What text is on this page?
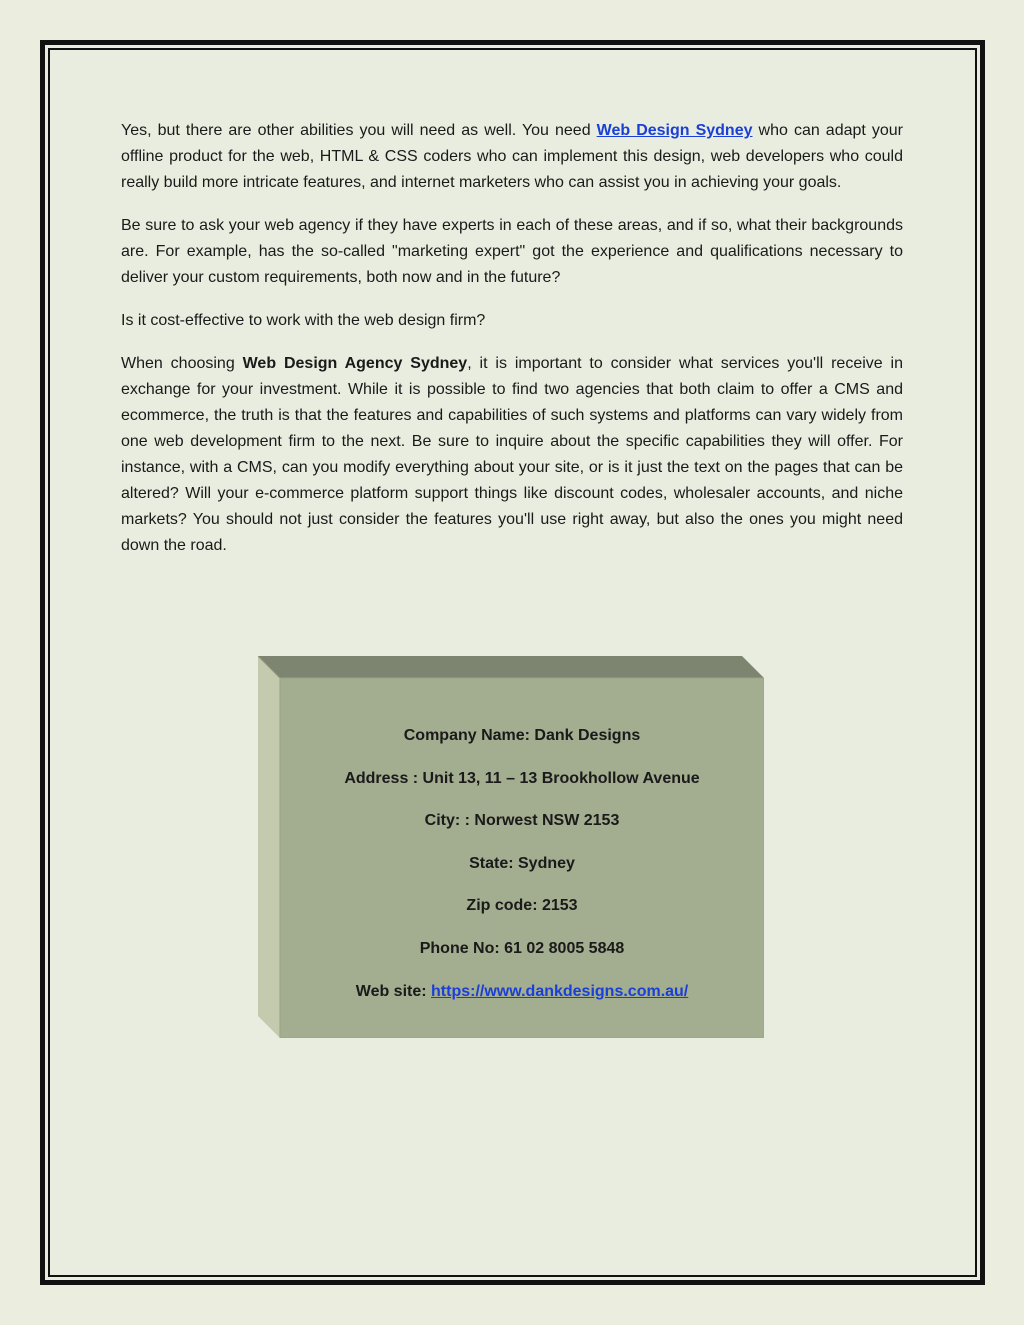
Yes, but there are other abilities you will need as well. You need Web Design Sydney who can adapt your offline product for the web, HTML & CSS coders who can implement this design, web developers who could really build more intricate features, and internet marketers who can assist you in achieving your goals.

Be sure to ask your web agency if they have experts in each of these areas, and if so, what their backgrounds are. For example, has the so-called "marketing expert" got the experience and qualifications necessary to deliver your custom requirements, both now and in the future?

Is it cost-effective to work with the web design firm?

When choosing Web Design Agency Sydney, it is important to consider what services you'll receive in exchange for your investment. While it is possible to find two agencies that both claim to offer a CMS and ecommerce, the truth is that the features and capabilities of such systems and platforms can vary widely from one web development firm to the next. Be sure to inquire about the specific capabilities they will offer. For instance, with a CMS, can you modify everything about your site, or is it just the text on the pages that can be altered? Will your e-commerce platform support things like discount codes, wholesaler accounts, and niche markets? You should not just consider the features you'll use right away, but also the ones you might need down the road.

Company Name: Dank Designs
Address : Unit 13, 11 – 13 Brookhollow Avenue
City: : Norwest NSW 2153
State: Sydney
Zip code: 2153
Phone No: 61 02 8005 5848
Web site: https://www.dankdesigns.com.au/
